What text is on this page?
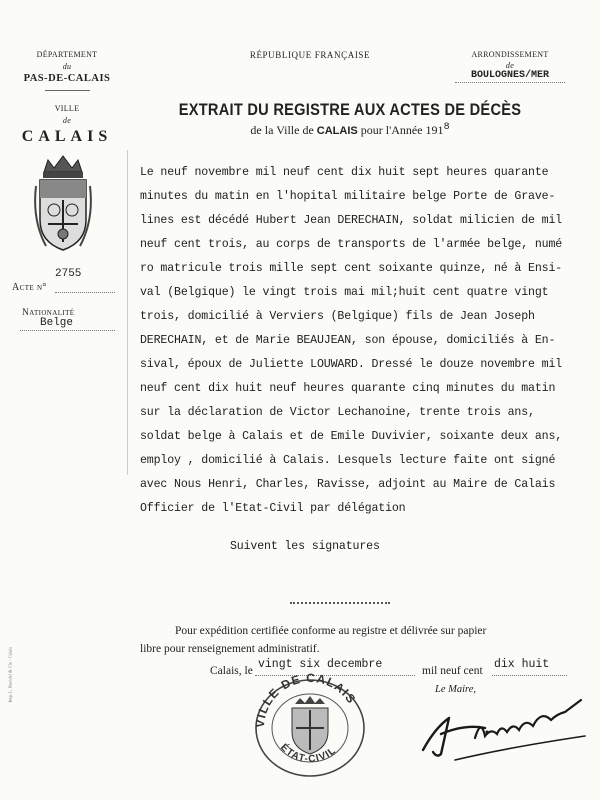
DÉPARTEMENT
du
PAS-DE-CALAIS
VILLE
de
CALAIS
2755
Acte n°
Nationalité
Belge
Imp. L. Ravidel & Cie - Calais
RÉPUBLIQUE FRANÇAISE	ARRONDISSEMENT
de
BOULOGNES/MER
EXTRAIT DU REGISTRE AUX ACTES DE DÉCÈS
de la Ville de CALAIS pour l'Année $191^8$
Le neuf novembre mil neuf cent dix huit sept heures quarante
minutes du matin en l'hopital militaire belge Porte de Grave-
lines est décédé Hubert Jean DERECHAIN, soldat milicien de mil
neuf cent trois, au corps de transports de l'armée belge, numé
ro matricule trois mille sept cent soixante quinze, né à Ensi-
val (Belgique) le vingt trois mai mil;huit cent quatre vingt
trois, domicilié à Verviers (Belgique) fils de Jean Joseph
DERECHAIN, et de Marie BEAUJEAN, son épouse, domiciliés à En-
sival, époux de Juliette LOUWARD. Dressé le douze novembre mil
neuf cent dix huit neuf heures quarante cinq minutes du matin
sur la déclaration de Victor Lechanoine, trente trois ans,
soldat belge à Calais et de Emile Duvivier, soixante deux ans,
employ , domicilié à Calais. Lesquels lecture faite ont signé
avec Nous Henri, Charles, Ravisse, adjoint au Maire de Calais
Officier de l'Etat-Civil par délégation
Suivent les signatures
Pour expédition certifiée conforme au registre et délivrée sur papier
libre pour renseignement administratif.
Calais, le vingt six decembre	mil neuf cent dix huit
Le Maire,
VILLE DE CALAIS
ÉTAT-CIVIL
